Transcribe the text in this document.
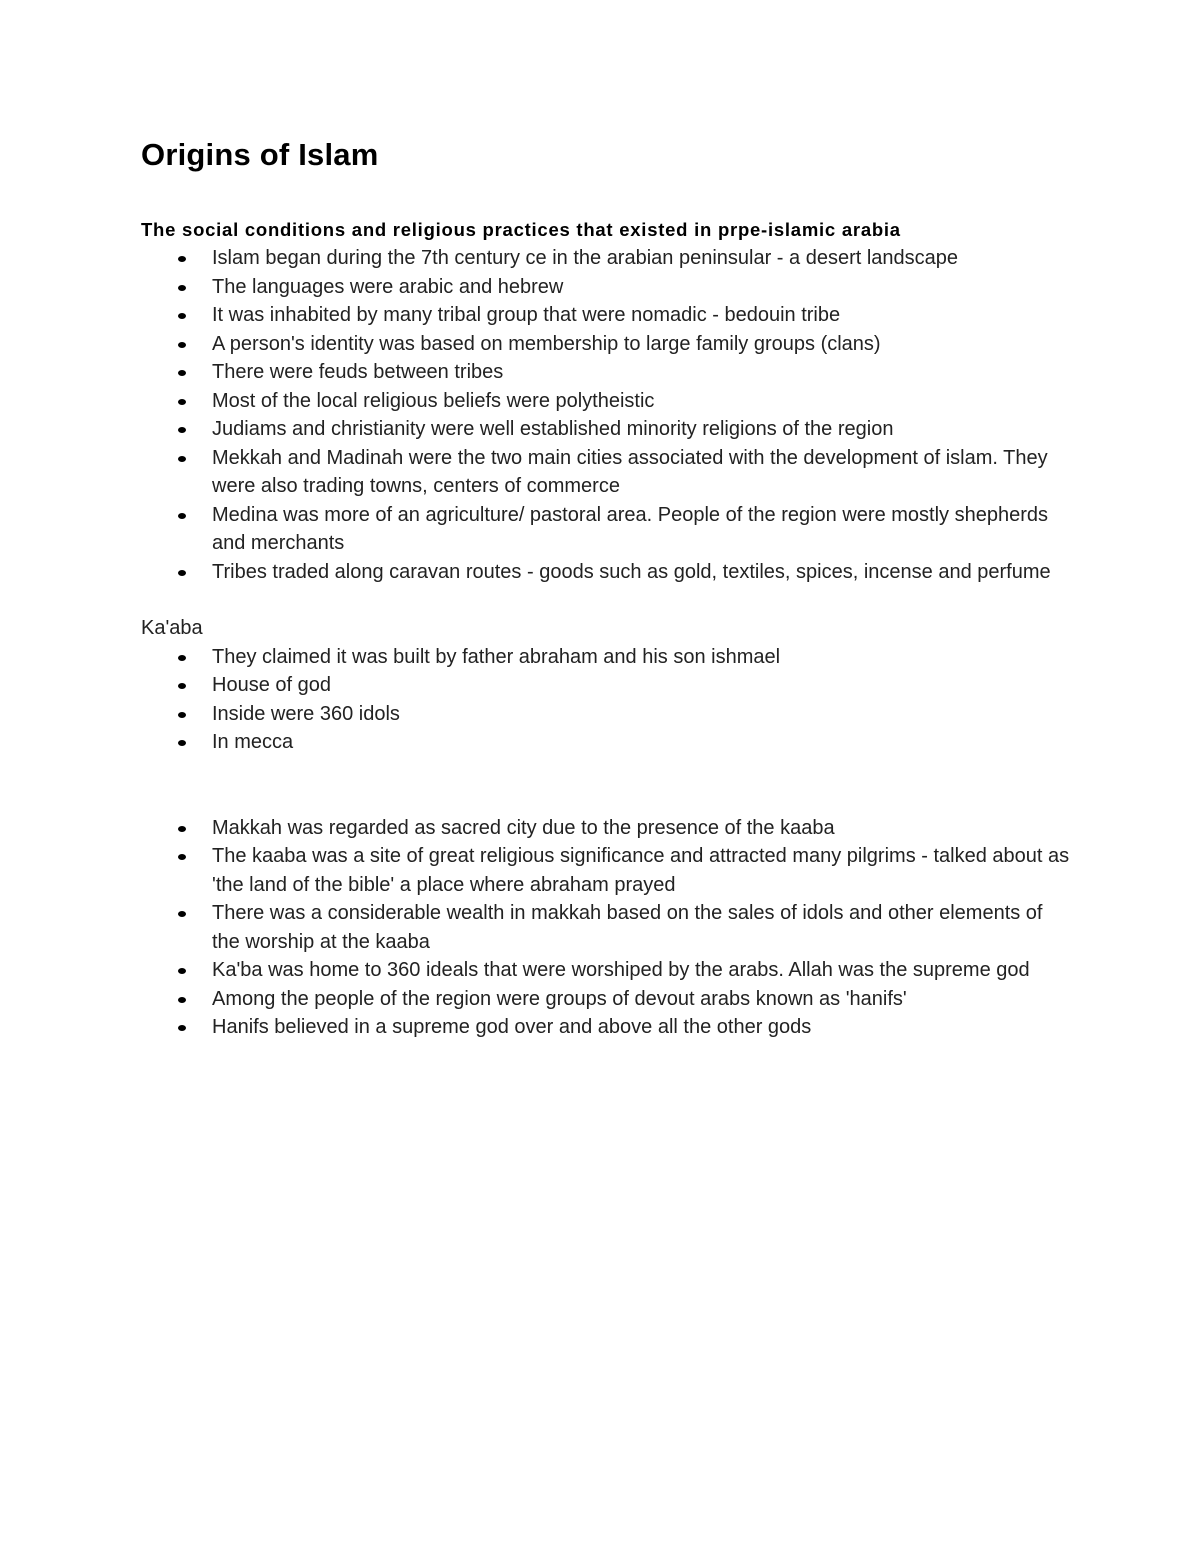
Origins of Islam
The social conditions and religious practices that existed in prpe-islamic arabia
Islam began during the 7th century ce in the arabian peninsular - a desert landscape
The languages were arabic and hebrew
It was inhabited by many tribal group that were nomadic - bedouin tribe
A person's identity was based on membership to large family groups (clans)
There were feuds between tribes
Most of the local religious beliefs were polytheistic
Judiams and christianity were well established minority religions of the region
Mekkah and Madinah were the two main cities associated with the development of islam. They were also trading towns, centers of commerce
Medina was more of an agriculture/ pastoral area. People of the region were mostly shepherds and merchants
Tribes traded along caravan routes - goods such as gold, textiles, spices, incense and perfume
Ka'aba
They claimed it was built by father abraham and his son ishmael
House of god
Inside were 360 idols
In mecca
Makkah was regarded as sacred city due to the presence of the kaaba
The kaaba was a site of great religious significance and attracted many pilgrims - talked about as 'the land of the bible' a place where abraham prayed
There was a considerable wealth in makkah based on the sales of idols and other elements of the worship at the kaaba
Ka'ba was home to 360 ideals that were worshiped by the arabs. Allah was the supreme god
Among the people of the region were groups of devout arabs known as 'hanifs'
Hanifs believed in a supreme god over and above all the other gods
